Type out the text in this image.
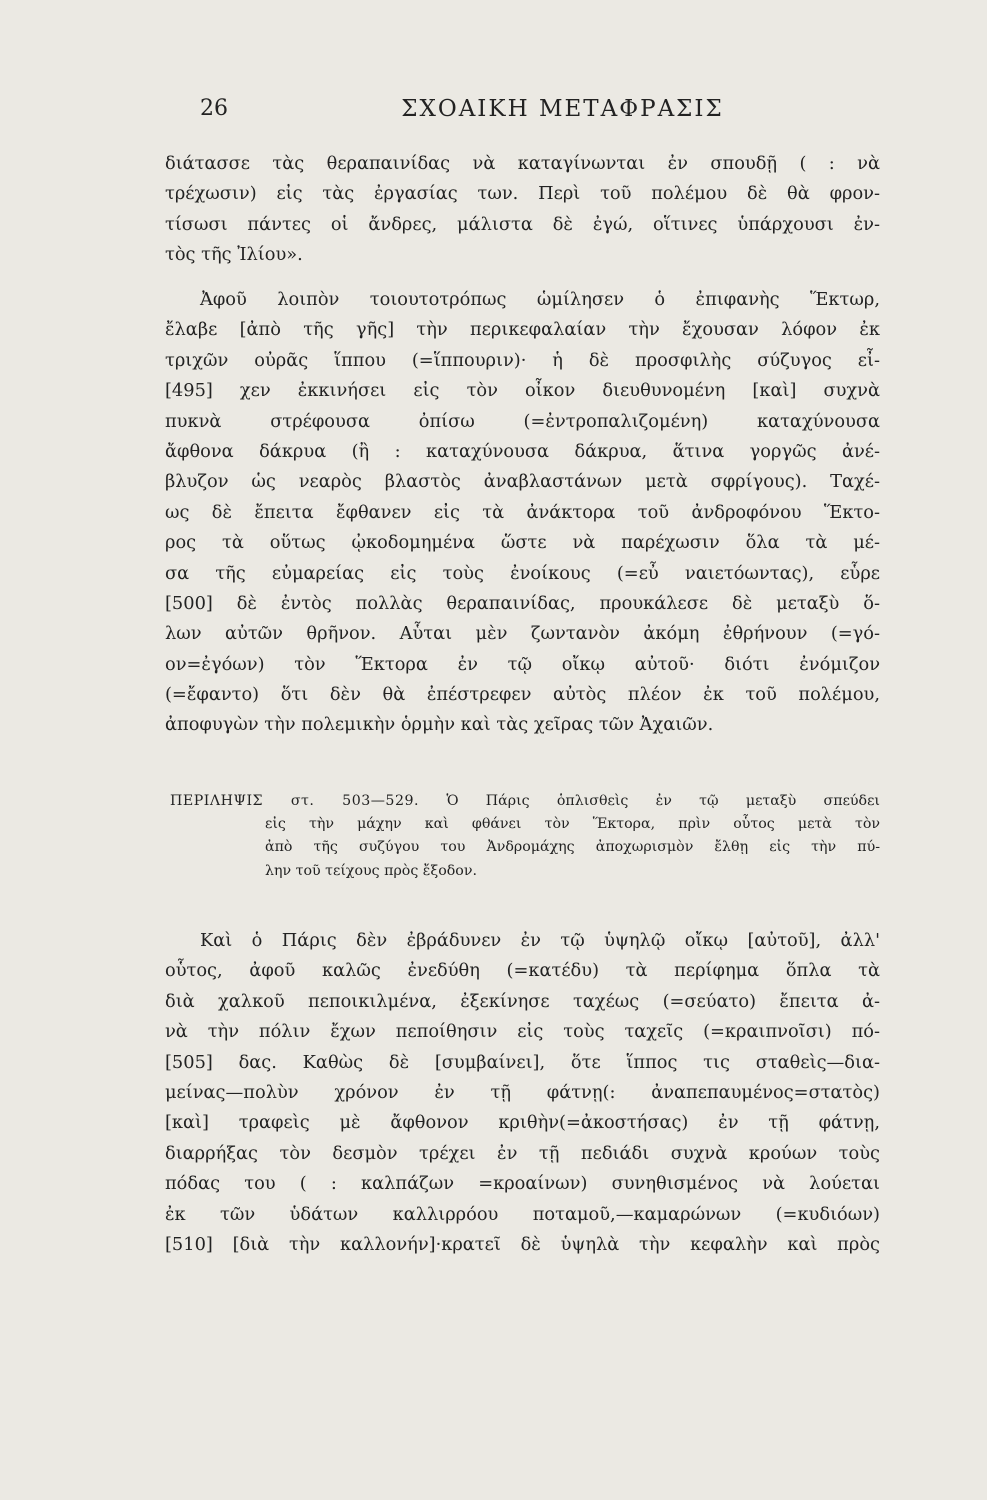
26	ΣΧΟΑΙΚΗ ΜΕΤΑΦΡΑΣΙΣ
διάτασσε τὰς θεραπαινίδας νὰ καταγίνωνται ἐν σπουδῇ ( : νὰ
τρέχωσιν) εἰς τὰς ἐργασίας των. Περὶ τοῦ πολέμου δὲ θὰ φρον-
τίσωσι πάντες οἱ ἄνδρες, μάλιστα δὲ ἐγώ, οἵτινες ὑπάρχουσι ἐν-
τὸς τῆς Ἰλίου».
Ἀφοῦ λοιπὸν τοιουτοτρόπως ὡμίλησεν ὁ ἐπιφανὴς Ἕκτωρ,
ἔλαβε [ἀπὸ τῆς γῆς] τὴν περικεφαλαίαν τὴν ἔχουσαν λόφον ἐκ
τριχῶν οὐρᾶς ἵππου (=ἵππουριν)· ἡ δὲ προσφιλὴς σύζυγος εἶ-
[495] χεν ἐκκινήσει εἰς τὸν οἶκον διευθυνομένη [καὶ] συχνὰ
πυκνὰ στρέφουσα ὀπίσω (=ἐντροπαλιζομένη) καταχύνουσα
ἄφθονα δάκρυα (ἢ : καταχύνουσα δάκρυα, ἅτινα γοργῶς ἀνέ-
βλυζον ὡς νεαρὸς βλαστὸς ἀναβλαστάνων μετὰ σφρίγους). Ταχέ-
ως δὲ ἔπειτα ἔφθανεν εἰς τὰ ἀνάκτορα τοῦ ἀνδροφόνου Ἕκτο-
ρος τὰ οὕτως ᾠκοδομημένα ὥστε νὰ παρέχωσιν ὅλα τὰ μέ-
σα τῆς εὐμαρείας εἰς τοὺς ἐνοίκους (=εὖ ναιετόωντας), εὗρε
[500] δὲ ἐντὸς πολλὰς θεραπαινίδας, προυκάλεσε δὲ μεταξὺ ὅ-
λων αὐτῶν θρῆνον. Αὗται μὲν ζωντανὸν ἀκόμη ἐθρήνουν (=γό-
ον=ἐγόων) τὸν Ἕκτορα ἐν τῷ οἴκῳ αὐτοῦ· διότι ἐνόμιζον
(=ἔφαντο) ὅτι δὲν θὰ ἐπέστρεφεν αὐτὸς πλέον ἐκ τοῦ πολέμου,
ἀποφυγὼν τὴν πολεμικὴν ὁρμὴν καὶ τὰς χεῖρας τῶν Ἀχαιῶν.
ΠΕΡΙΛΗΨΙΣ στ. 503—529. Ὁ Πάρις ὁπλισθεὶς ἐν τῷ μεταξὺ σπεύδει
εἰς τὴν μάχην καὶ φθάνει τὸν Ἕκτορα, πρὶν οὗτος μετὰ τὸν
ἀπὸ τῆς συζύγου του Ἀνδρομάχης ἀποχωρισμὸν ἔλθῃ εἰς τὴν πύ-
λην τοῦ τείχους πρὸς ἔξοδον.
Καὶ ὁ Πάρις δὲν ἐβράδυνεν ἐν τῷ ὑψηλῷ οἴκῳ [αὐτοῦ], ἀλλ'
οὗτος, ἀφοῦ καλῶς ἐνεδύθη (=κατέδυ) τὰ περίφημα ὅπλα τὰ
διὰ χαλκοῦ πεποικιλμένα, ἐξεκίνησε ταχέως (=σεύατο) ἔπειτα ἀ-
νὰ τὴν πόλιν ἔχων πεποίθησιν εἰς τοὺς ταχεῖς (=κραιπνοῖσι) πό-
[505] δας. Καθὼς δὲ [συμβαίνει], ὅτε ἵππος τις σταθεὶς—δια-
μείνας—πολὺν χρόνον ἐν τῇ φάτνῃ(: ἀναπεπαυμένος=στατὸς)
[καὶ] τραφεὶς μὲ ἄφθονον κριθὴν(=ἀκοστήσας) ἐν τῇ φάτνῃ,
διαρρήξας τὸν δεσμὸν τρέχει ἐν τῇ πεδιάδι συχνὰ κρούων τοὺς
πόδας του ( : καλπάζων =κροαίνων) συνηθισμένος νὰ λούεται
ἐκ τῶν ὑδάτων καλλιρρόου ποταμοῦ,—καμαρώνων (=κυδιόων)
[510] [διὰ τὴν καλλονήν]·κρατεῖ δὲ ὑψηλὰ τὴν κεφαλὴν καὶ πρὸς
